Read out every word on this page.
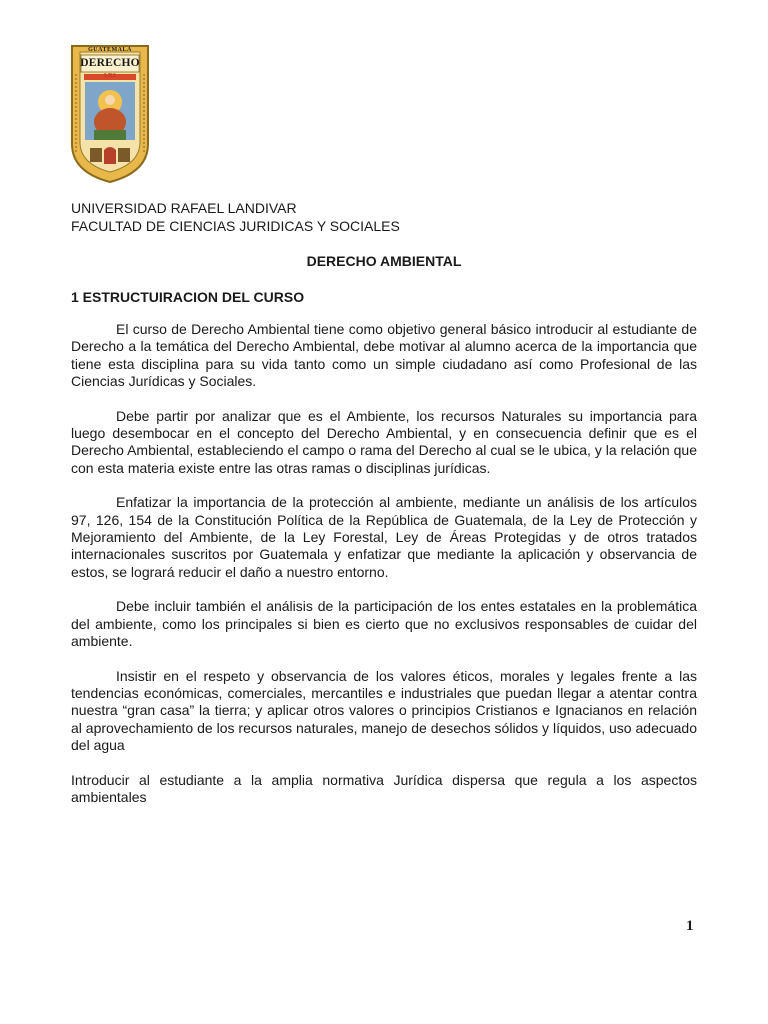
GUATEMALA
DERECHO
LRS
UNIVERSIDAD RAFAEL LANDIVAR
FACULTAD DE CIENCIAS JURIDICAS Y SOCIALES
DERECHO AMBIENTAL
1 ESTRUCTUIRACION DEL CURSO

El curso de Derecho Ambiental tiene como objetivo general básico introducir al estudiante de Derecho a la temática del Derecho Ambiental, debe motivar al alumno acerca de la importancia que tiene esta disciplina para su vida tanto como un simple ciudadano así como Profesional de las Ciencias Jurídicas y Sociales.

Debe partir por analizar que es el Ambiente, los recursos Naturales su importancia para luego desembocar en el concepto del Derecho Ambiental, y en consecuencia definir que es el Derecho Ambiental, estableciendo el campo o rama del Derecho al cual se le ubica, y la relación que con esta materia existe entre las otras ramas o disciplinas jurídicas.

Enfatizar la importancia de la protección al ambiente, mediante un análisis de los artículos 97, 126, 154 de la Constitución Política de la República de Guatemala, de la Ley de Protección y Mejoramiento del Ambiente, de la Ley Forestal, Ley de Áreas Protegidas y de otros tratados internacionales suscritos por Guatemala y enfatizar que mediante la aplicación y observancia de estos, se logrará reducir el daño a nuestro entorno.

Debe incluir también el análisis de la participación de los entes estatales en la problemática del ambiente, como los principales si bien es cierto que no exclusivos responsables de cuidar del ambiente.

Insistir en el respeto y observancia de los valores éticos, morales y legales frente a las tendencias económicas, comerciales, mercantiles e industriales que puedan llegar a atentar contra nuestra “gran casa” la tierra; y aplicar otros valores o principios Cristianos e Ignacianos en relación al aprovechamiento de los recursos naturales, manejo de desechos sólidos y líquidos, uso adecuado del agua

Introducir al estudiante a la amplia normativa Jurídica dispersa que regula a los aspectos ambientales

1
